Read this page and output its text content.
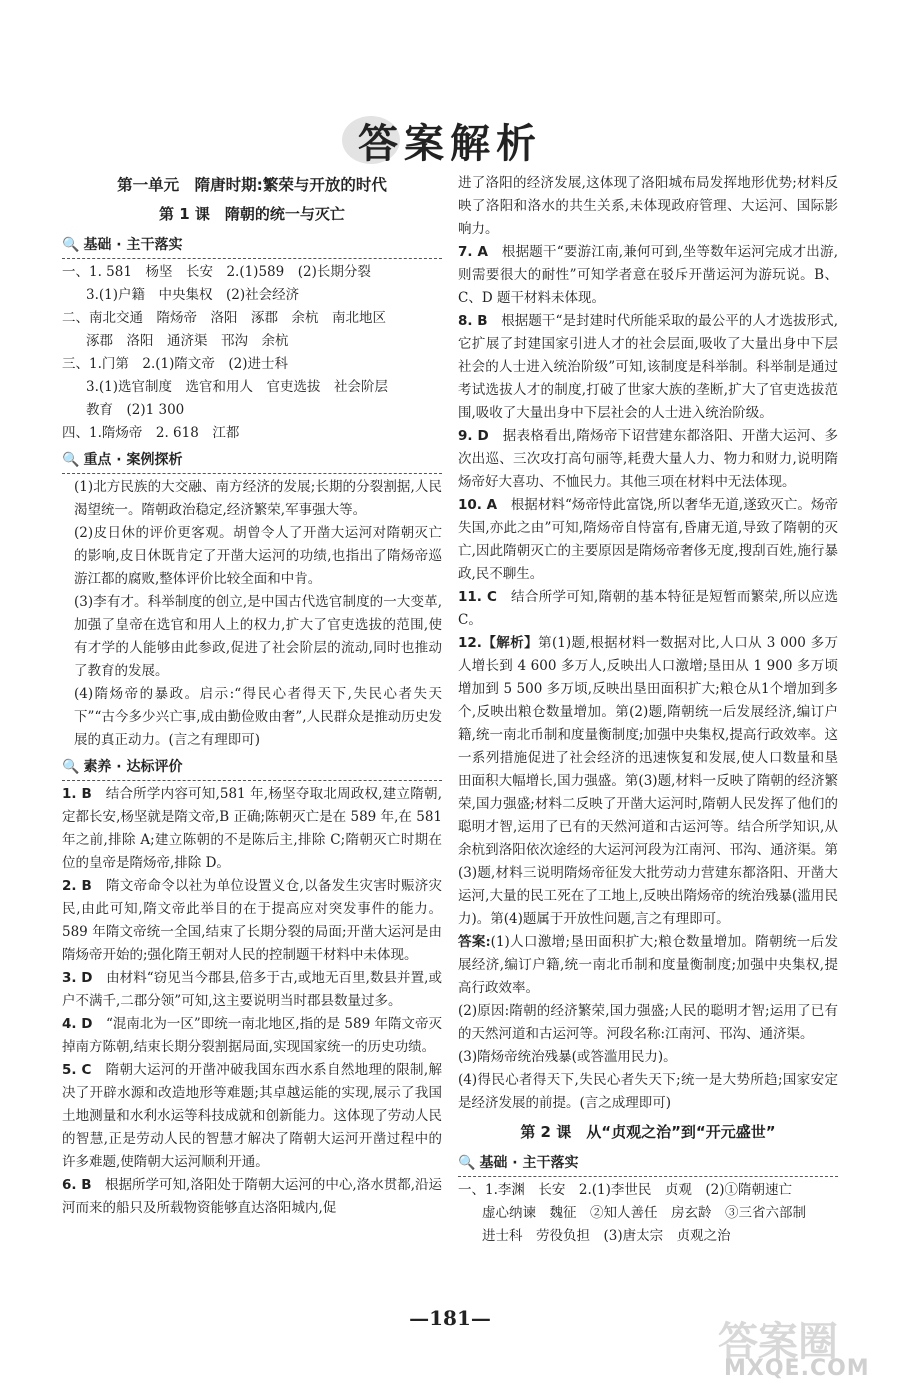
答案解析
第一单元　隋唐时期:繁荣与开放的时代
第 1 课　隋朝的统一与灭亡
🔍 基础 · 主干落实

一、1. 581　杨坚　长安　2.(1)589　(2)长期分裂

3.(1)户籍　中央集权　(2)社会经济

二、南北交通　隋炀帝　洛阳　涿郡　余杭　南北地区

涿郡　洛阳　通济渠　邗沟　余杭

三、1.门第　2.(1)隋文帝　(2)进士科

3.(1)选官制度　选官和用人　官吏选拔　社会阶层

教育　(2)1 300

四、1.隋炀帝　2. 618　江都

🔍 重点 · 案例探析

(1)北方民族的大交融、南方经济的发展;长期的分裂割据,人民渴望统一。隋朝政治稳定,经济繁荣,军事强大等。

(2)皮日休的评价更客观。胡曾令人了开凿大运河对隋朝灭亡的影响,皮日休既肯定了开凿大运河的功绩,也指出了隋炀帝巡游江都的腐败,整体评价比较全面和中肯。

(3)李有才。科举制度的创立,是中国古代选官制度的一大变革,加强了皇帝在选官和用人上的权力,扩大了官吏选拔的范围,使有才学的人能够由此参政,促进了社会阶层的流动,同时也推动了教育的发展。

(4)隋炀帝的暴政。启示:“得民心者得天下,失民心者失天下”“古今多少兴亡事,成由勤俭败由奢”,人民群众是推动历史发展的真正动力。(言之有理即可)

🔍 素养 · 达标评价

1. B　 结合所学内容可知,581 年,杨坚夺取北周政权,建立隋朝,定都长安,杨坚就是隋文帝,B 正确;陈朝灭亡是在 589 年,在 581 年之前,排除 A;建立陈朝的不是陈后主,排除 C;隋朝灭亡时期在位的皇帝是隋炀帝,排除 D。

2. B　 隋文帝命令以社为单位设置义仓,以备发生灾害时赈济灾民,由此可知,隋文帝此举目的在于提高应对突发事件的能力。589 年隋文帝统一全国,结束了长期分裂的局面;开凿大运河是由隋炀帝开始的;强化隋王朝对人民的控制题干材料中未体现。

3. D　 由材料“窃见当今郡县,倍多于古,或地无百里,数县并置,或户不满千,二郡分领”可知,这主要说明当时郡县数量过多。

4. D　 “混南北为一区”即统一南北地区,指的是 589 年隋文帝灭掉南方陈朝,结束长期分裂割据局面,实现国家统一的历史功绩。

5. C　 隋朝大运河的开凿冲破我国东西水系自然地理的限制,解决了开辟水源和改造地形等难题;其卓越运能的实现,展示了我国土地测量和水利水运等科技成就和创新能力。这体现了劳动人民的智慧,正是劳动人民的智慧才解决了隋朝大运河开凿过程中的许多难题,使隋朝大运河顺利开通。

6. B　 根据所学可知,洛阳处于隋朝大运河的中心,洛水贯都,沿运河而来的船只及所载物资能够直达洛阳城内,促

进了洛阳的经济发展,这体现了洛阳城布局发挥地形优势;材料反映了洛阳和洛水的共生关系,未体现政府管理、大运河、国际影响力。

7. A　 根据题干“要游江南,兼何可到,坐等数年运河完成才出游,则需要很大的耐性”可知学者意在驳斥开凿运河为游玩说。B、C、D 题干材料未体现。

8. B　 根据题干“是封建时代所能采取的最公平的人才选拔形式,它扩展了封建国家引进人才的社会层面,吸收了大量出身中下层社会的人士进入统治阶级”可知,该制度是科举制。科举制是通过考试选拔人才的制度,打破了世家大族的垄断,扩大了官吏选拔范围,吸收了大量出身中下层社会的人士进入统治阶级。

9. D　 据表格看出,隋炀帝下诏营建东都洛阳、开凿大运河、多次出巡、三次攻打高句丽等,耗费大量人力、物力和财力,说明隋炀帝好大喜功、不恤民力。其他三项在材料中无法体现。

10. A　 根据材料“炀帝恃此富饶,所以奢华无道,遂致灭亡。炀帝失国,亦此之由”可知,隋炀帝自恃富有,昏庸无道,导致了隋朝的灭亡,因此隋朝灭亡的主要原因是隋炀帝奢侈无度,搜刮百姓,施行暴政,民不聊生。

11. C　 结合所学可知,隋朝的基本特征是短暂而繁荣,所以应选 C。

12.【解析】第(1)题,根据材料一数据对比,人口从 3 000 多万人增长到 4 600 多万人,反映出人口激增;垦田从 1 900 多万顷增加到 5 500 多万顷,反映出垦田面积扩大;粮仓从1个增加到多个,反映出粮仓数量增加。第(2)题,隋朝统一后发展经济,编订户籍,统一南北币制和度量衡制度;加强中央集权,提高行政效率。这一系列措施促进了社会经济的迅速恢复和发展,使人口数量和垦田面积大幅增长,国力强盛。第(3)题,材料一反映了隋朝的经济繁荣,国力强盛;材料二反映了开凿大运河时,隋朝人民发挥了他们的聪明才智,运用了已有的天然河道和古运河等。结合所学知识,从余杭到洛阳依次途经的大运河河段为江南河、邗沟、通济渠。第(3)题,材料三说明隋炀帝征发大批劳动力营建东都洛阳、开凿大运河,大量的民工死在了工地上,反映出隋炀帝的统治残暴(滥用民力)。第(4)题属于开放性问题,言之有理即可。

答案:(1)人口激增;垦田面积扩大;粮仓数量增加。隋朝统一后发展经济,编订户籍,统一南北币制和度量衡制度;加强中央集权,提高行政效率。

(2)原因:隋朝的经济繁荣,国力强盛;人民的聪明才智;运用了已有的天然河道和古运河等。河段名称:江南河、邗沟、通济渠。

(3)隋炀帝统治残暴(或答滥用民力)。

(4)得民心者得天下,失民心者失天下;统一是大势所趋;国家安定是经济发展的前提。(言之成理即可)

第 2 课　从“贞观之治”到“开元盛世”
🔍 基础 · 主干落实

一、1.李渊　长安　2.(1)李世民　贞观　(2)①隋朝速亡

虚心纳谏　魏征　②知人善任　房玄龄　③三省六部制

进士科　劳役负担　(3)唐太宗　贞观之治

—181—
答案圈
MXQE.COM
